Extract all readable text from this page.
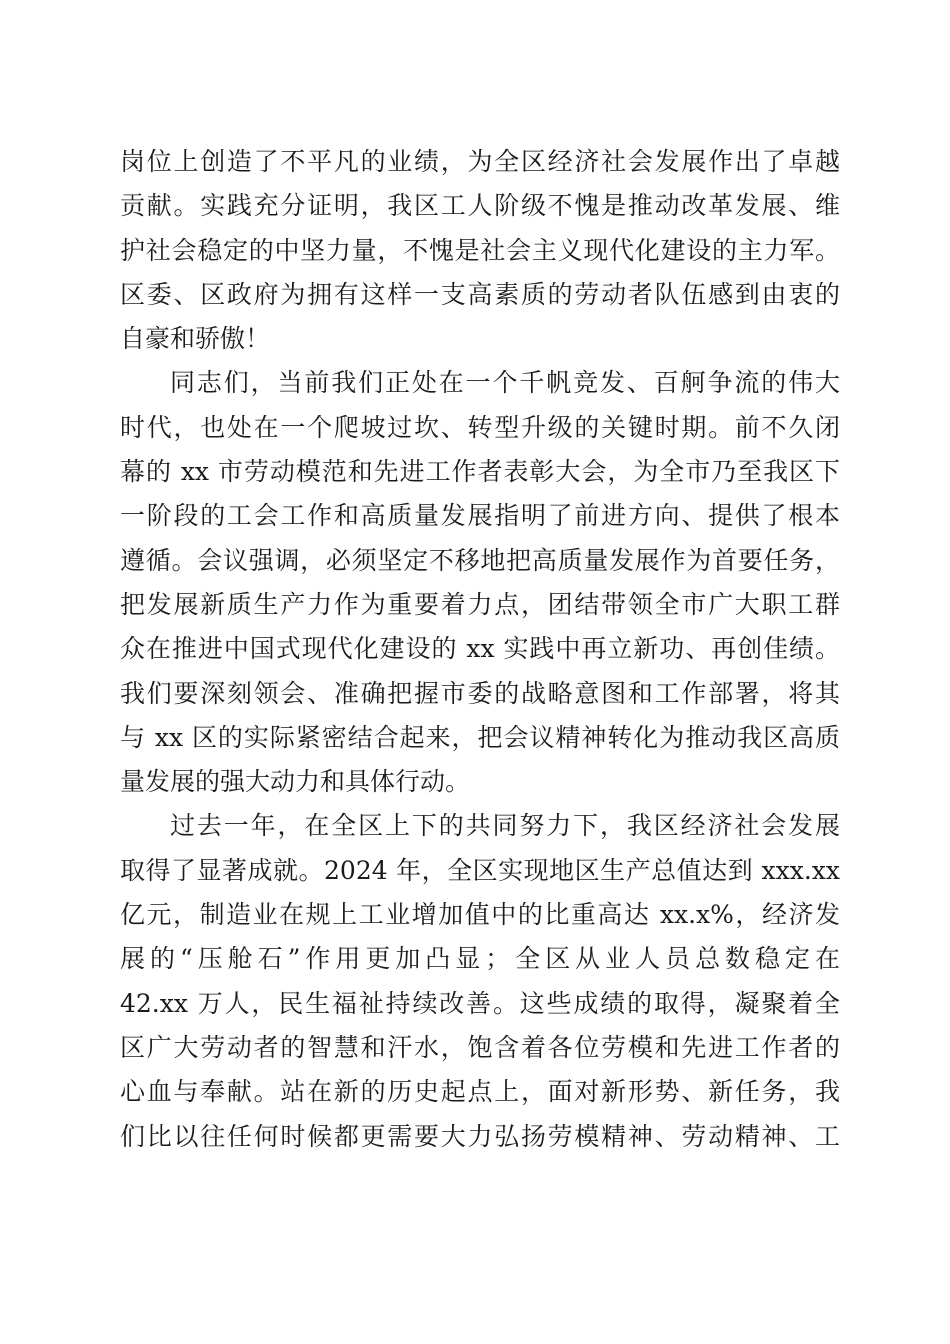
岗位上创造了不平凡的业绩，为全区经济社会发展作出了卓越
贡献。实践充分证明，我区工人阶级不愧是推动改革发展、维
护社会稳定的中坚力量，不愧是社会主义现代化建设的主力军。
区委、区政府为拥有这样一支高素质的劳动者队伍感到由衷的
自豪和骄傲！
同志们，当前我们正处在一个千帆竞发、百舸争流的伟大
时代，也处在一个爬坡过坎、转型升级的关键时期。前不久闭
幕的 xx 市劳动模范和先进工作者表彰大会，为全市乃至我区下
一阶段的工会工作和高质量发展指明了前进方向、提供了根本
遵循。会议强调，必须坚定不移地把高质量发展作为首要任务，
把发展新质生产力作为重要着力点，团结带领全市广大职工群
众在推进中国式现代化建设的 xx 实践中再立新功、再创佳绩。
我们要深刻领会、准确把握市委的战略意图和工作部署，将其
与 xx 区的实际紧密结合起来，把会议精神转化为推动我区高质
量发展的强大动力和具体行动。
过去一年，在全区上下的共同努力下，我区经济社会发展
取得了显著成就。2024 年，全区实现地区生产总值达到 xxx.xx
亿元，制造业在规上工业增加值中的比重高达 xx.x%，经济发
展的“压舱石”作用更加凸显；全区从业人员总数稳定在
42.xx 万人，民生福祉持续改善。这些成绩的取得，凝聚着全
区广大劳动者的智慧和汗水，饱含着各位劳模和先进工作者的
心血与奉献。站在新的历史起点上，面对新形势、新任务，我
们比以往任何时候都更需要大力弘扬劳模精神、劳动精神、工
